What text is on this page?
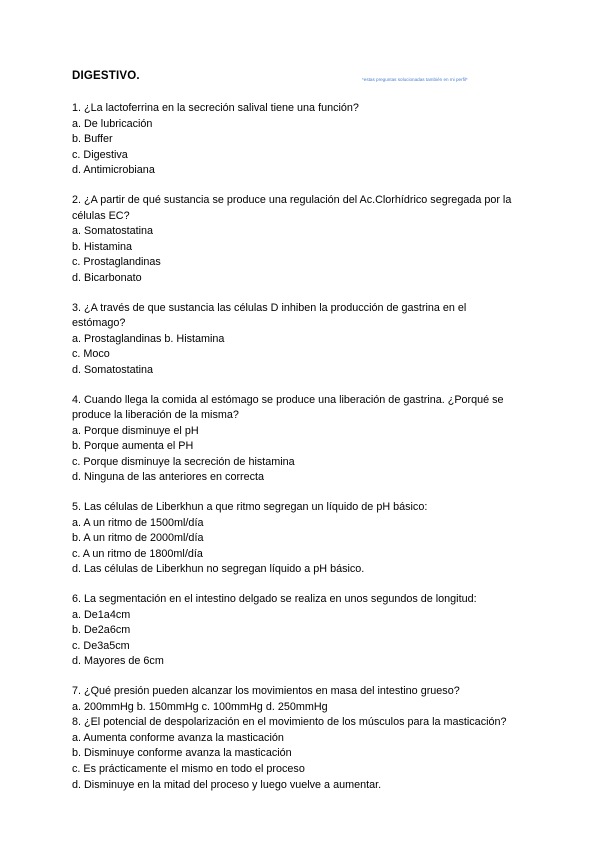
DIGESTIVO.	*estas preguntas solucionadas también en mi perfil*
1. ¿La lactoferrina en la secreción salival tiene una función?
a. De lubricación
b. Buffer
c. Digestiva
d. Antimicrobiana
2. ¿A partir de qué sustancia se produce una regulación del Ac.Clorhídrico segregada por la
células EC?
a. Somatostatina
b. Histamina
c. Prostaglandinas
d. Bicarbonato
3. ¿A través de que sustancia las células D inhiben la producción de gastrina en el
estómago?
a. Prostaglandinas b. Histamina
c. Moco
d. Somatostatina
4. Cuando llega la comida al estómago se produce una liberación de gastrina. ¿Porqué se
produce la liberación de la misma?
a. Porque disminuye el pH
b. Porque aumenta el PH
c. Porque disminuye la secreción de histamina
d. Ninguna de las anteriores en correcta
5. Las células de Liberkhun a que ritmo segregan un líquido de pH básico:
a. A un ritmo de 1500ml/día
b. A un ritmo de 2000ml/día
c. A un ritmo de 1800ml/día
d. Las células de Liberkhun no segregan líquido a pH básico.
6. La segmentación en el intestino delgado se realiza en unos segundos de longitud:
a. De1a4cm
b. De2a6cm
c. De3a5cm
d. Mayores de 6cm
7. ¿Qué presión pueden alcanzar los movimientos en masa del intestino grueso?
a. 200mmHg b. 150mmHg c. 100mmHg d. 250mmHg
8. ¿El potencial de despolarización en el movimiento de los músculos para la masticación?
a. Aumenta conforme avanza la masticación
b. Disminuye conforme avanza la masticación
c. Es prácticamente el mismo en todo el proceso
d. Disminuye en la mitad del proceso y luego vuelve a aumentar.
